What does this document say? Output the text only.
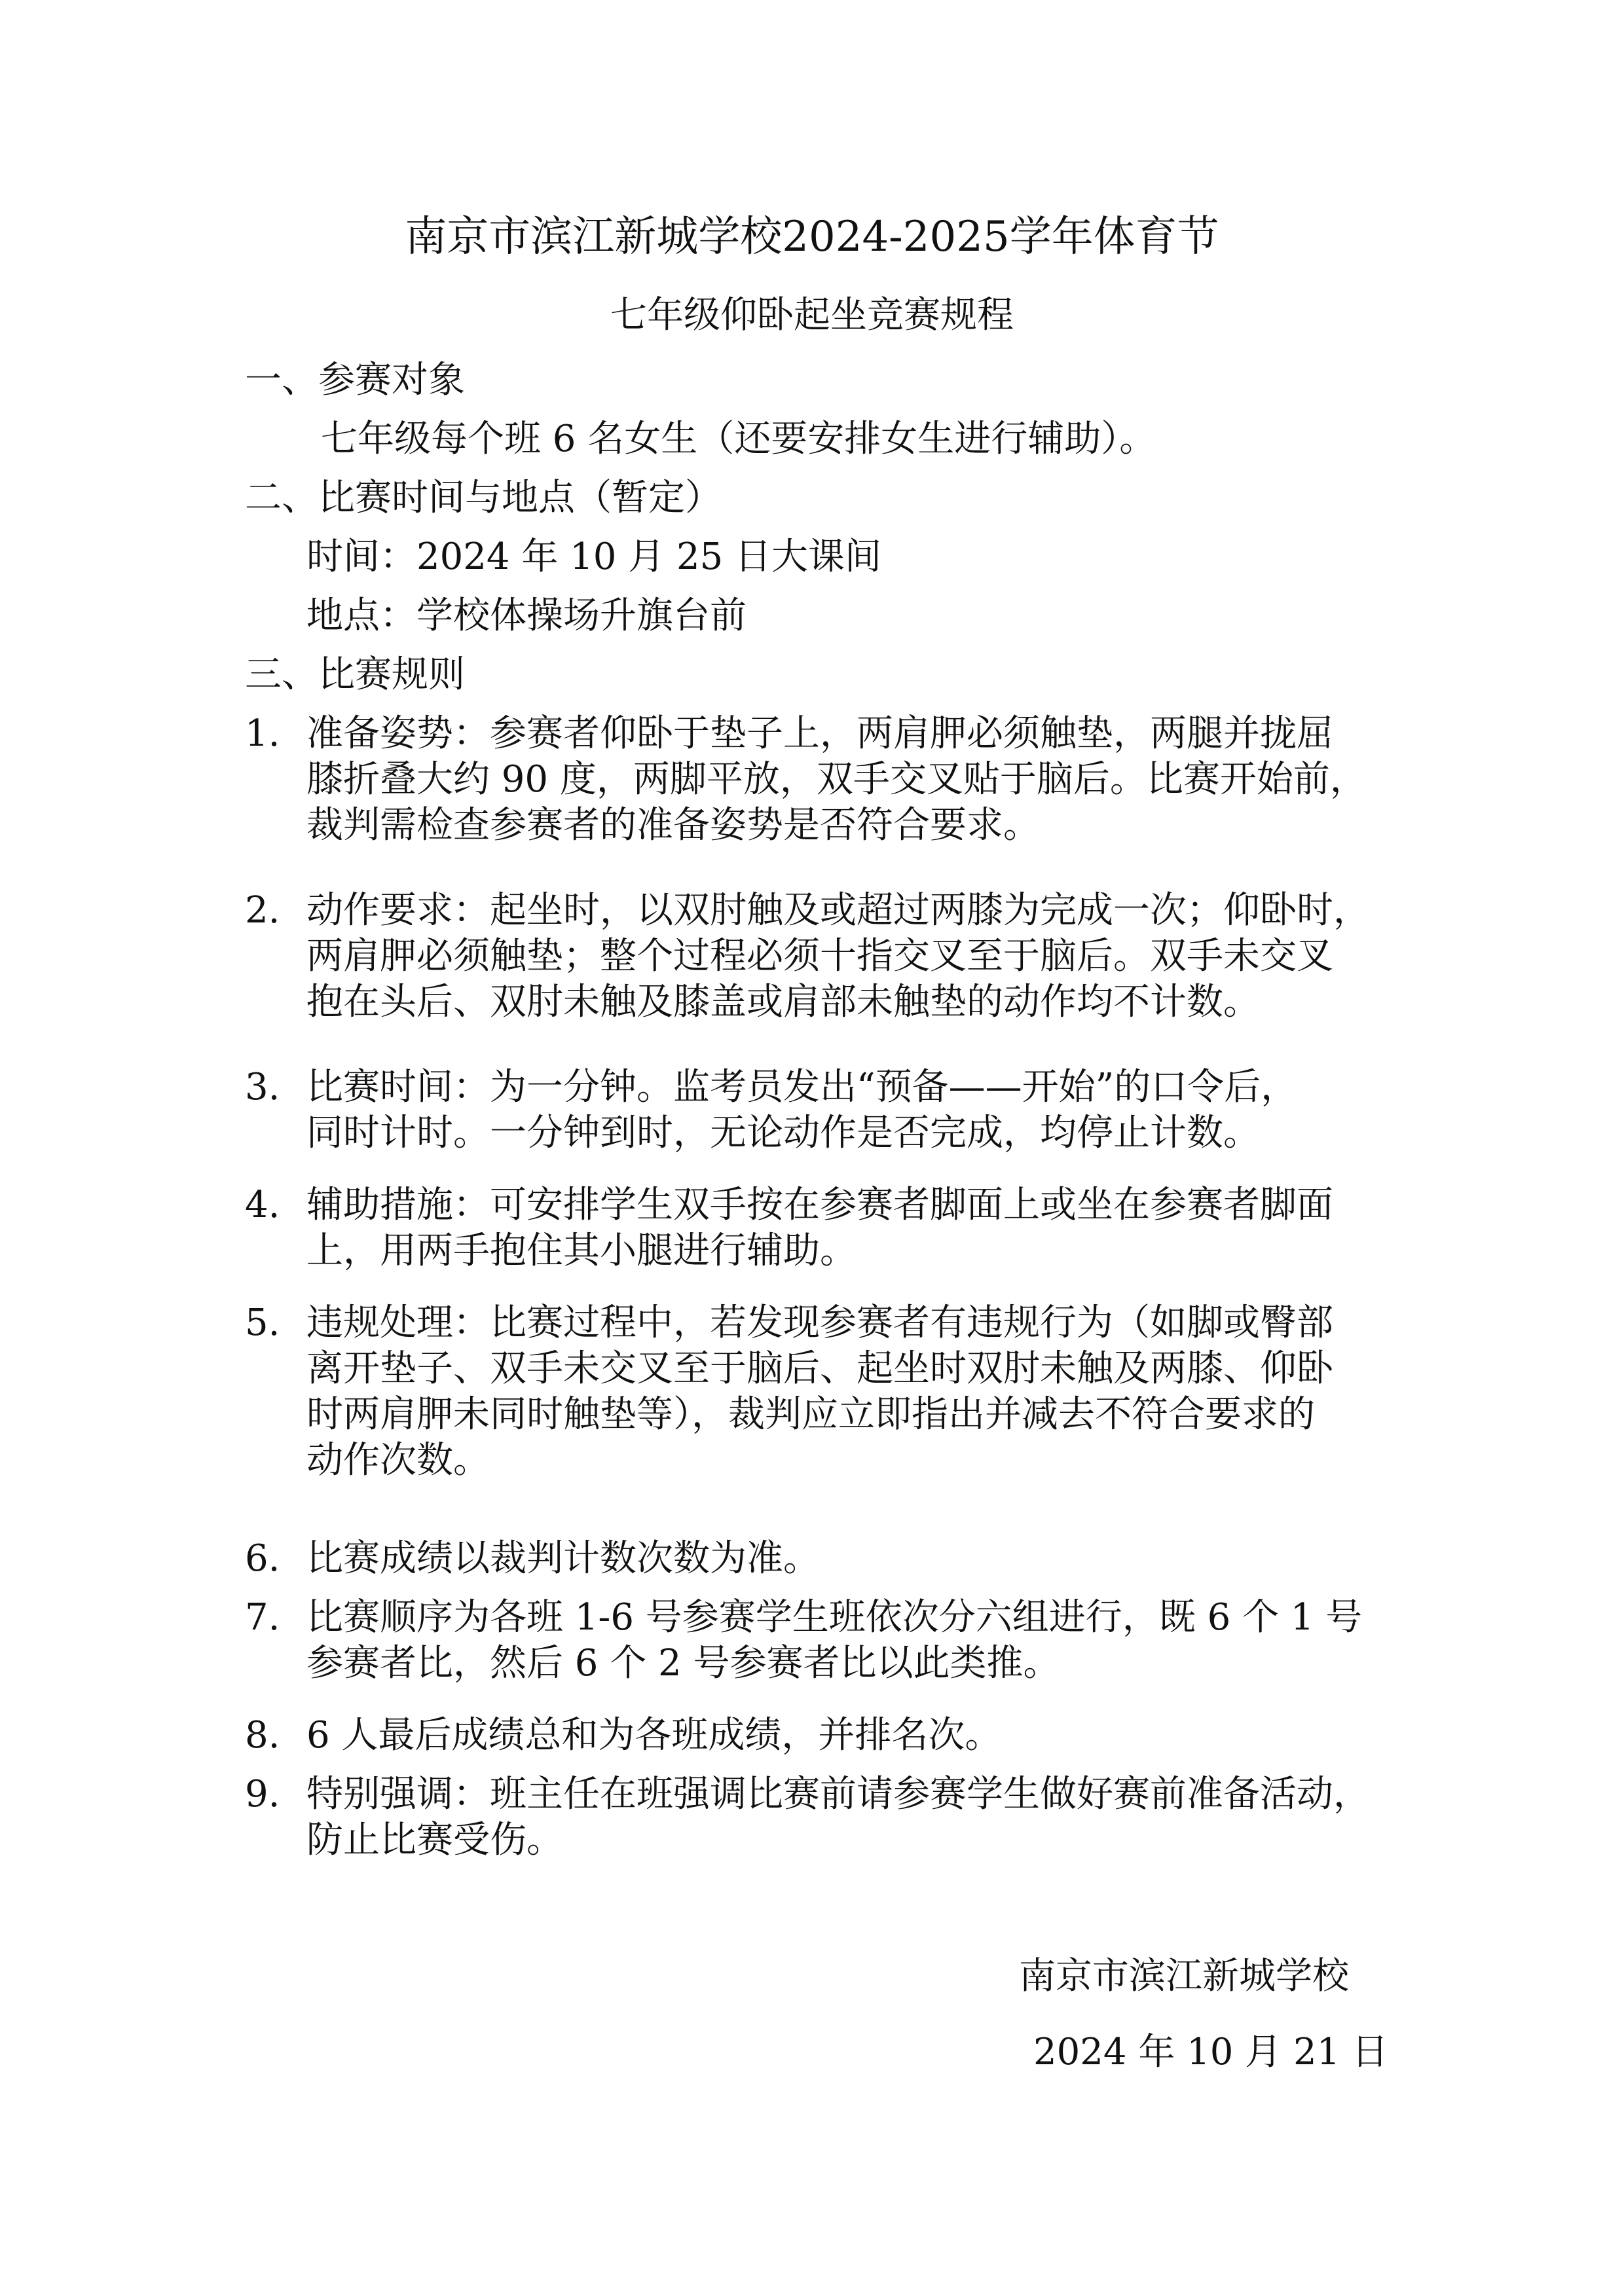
南京市滨江新城学校2024-2025学年体育节
七年级仰卧起坐竞赛规程

一、参赛对象

七年级每个班 6 名女生（还要安排女生进行辅助）。

二、比赛时间与地点（暂定）

时间：2024 年 10 月 25 日大课间

地点：学校体操场升旗台前

三、比赛规则

1. 准备姿势：参赛者仰卧于垫子上，两肩胛必须触垫，两腿并拢屈
膝折叠大约 90 度，两脚平放，双手交叉贴于脑后。比赛开始前，
裁判需检查参赛者的准备姿势是否符合要求。
2. 动作要求：起坐时，以双肘触及或超过两膝为完成一次；仰卧时，
两肩胛必须触垫；整个过程必须十指交叉至于脑后。双手未交叉
抱在头后、双肘未触及膝盖或肩部未触垫的动作均不计数。
3. 比赛时间：为一分钟。监考员发出“预备——开始”的口令后，
同时计时。一分钟到时，无论动作是否完成，均停止计数。
4. 辅助措施：可安排学生双手按在参赛者脚面上或坐在参赛者脚面
上，用两手抱住其小腿进行辅助。
5. 违规处理：比赛过程中，若发现参赛者有违规行为（如脚或臀部
离开垫子、双手未交叉至于脑后、起坐时双肘未触及两膝、仰卧
时两肩胛未同时触垫等），裁判应立即指出并减去不符合要求的
动作次数。
6. 比赛成绩以裁判计数次数为准。
7. 比赛顺序为各班 1-6 号参赛学生班依次分六组进行，既 6 个 1 号
参赛者比，然后 6 个 2 号参赛者比以此类推。
8. 6 人最后成绩总和为各班成绩，并排名次。
9. 特别强调：班主任在班强调比赛前请参赛学生做好赛前准备活动，
防止比赛受伤。
南京市滨江新城学校
2024 年 10 月 21 日
